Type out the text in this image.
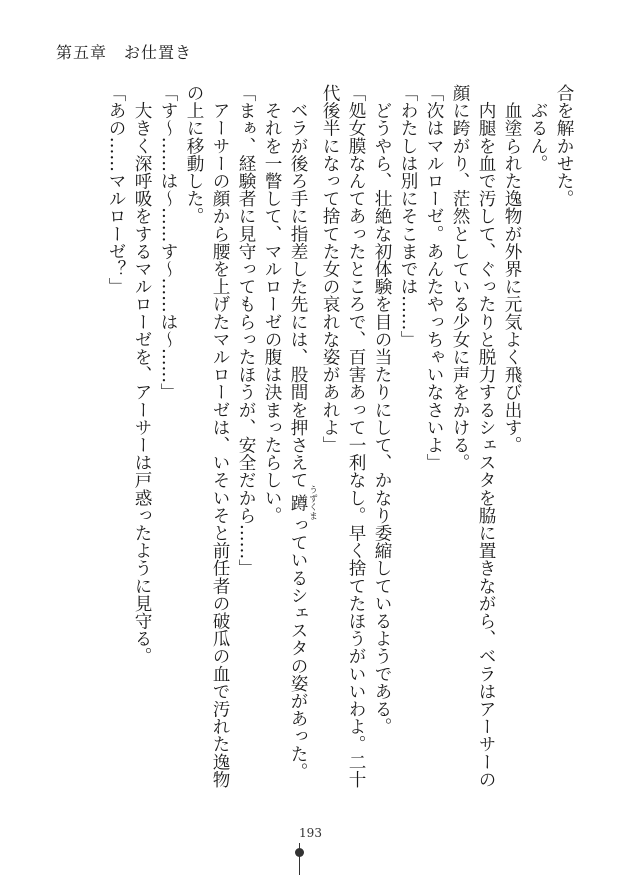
第五章　お仕置き
合を解かせた。
　ぶるん。
　血塗られた逸物が外界に元気よく飛び出す。
　内腿を血で汚して、ぐったりと脱力するシェスタを脇に置きながら、ベラはアーサーの
顔に跨がり、茫然としている少女に声をかける。
「次はマルローゼ。あんたやっちゃいなさいよ」
「わたしは別にそこまでは……」
　どうやら、壮絶な初体験を目の当たりにして、かなり委縮しているようである。
「処女膜なんてあったところで、百害あって一利なし。早く捨てたほうがいいわよ。二十
代後半になって捨てた女の哀れな姿があれよ」
　ベラが後ろ手に指差した先には、股間を押さえて蹲 うずくまっているシェスタの姿があった。
　それを一瞥して、マルローゼの腹は決まったらしい。
「まぁ、経験者に見守ってもらったほうが、安全だから……」
　アーサーの顔から腰を上げたマルローゼは、いそいそと前任者の破瓜の血で汚れた逸物
の上に移動した。
「す〜……は〜……す〜……は〜……」
　大きく深呼吸をするマルローゼを、アーサーは戸惑ったように見守る。
「あの……マルローゼ？」
193
